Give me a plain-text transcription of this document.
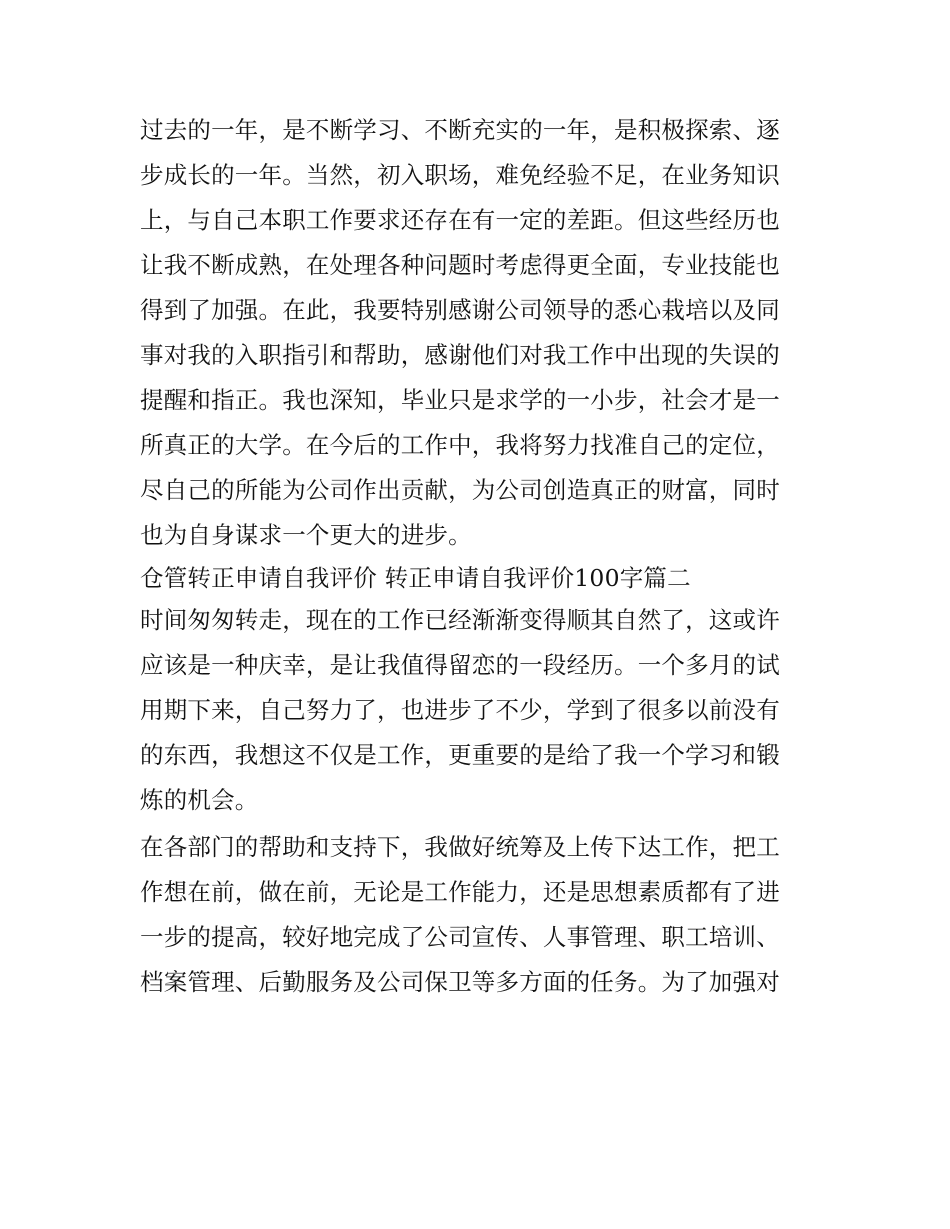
过去的一年，是不断学习、不断充实的一年，是积极探索、逐
步成长的一年。当然，初入职场，难免经验不足，在业务知识
上，与自己本职工作要求还存在有一定的差距。但这些经历也
让我不断成熟，在处理各种问题时考虑得更全面，专业技能也
得到了加强。在此，我要特别感谢公司领导的悉心栽培以及同
事对我的入职指引和帮助，感谢他们对我工作中出现的失误的
提醒和指正。我也深知，毕业只是求学的一小步，社会才是一
所真正的大学。在今后的工作中，我将努力找准自己的定位，
尽自己的所能为公司作出贡献，为公司创造真正的财富，同时
也为自身谋求一个更大的进步。
仓管转正申请自我评价 转正申请自我评价100字篇二
时间匆匆转走，现在的工作已经渐渐变得顺其自然了，这或许
应该是一种庆幸，是让我值得留恋的一段经历。一个多月的试
用期下来，自己努力了，也进步了不少，学到了很多以前没有
的东西，我想这不仅是工作，更重要的是给了我一个学习和锻
炼的机会。
在各部门的帮助和支持下，我做好统筹及上传下达工作，把工
作想在前，做在前，无论是工作能力，还是思想素质都有了进
一步的提高，较好地完成了公司宣传、人事管理、职工培训、
档案管理、后勤服务及公司保卫等多方面的任务。为了加强对
